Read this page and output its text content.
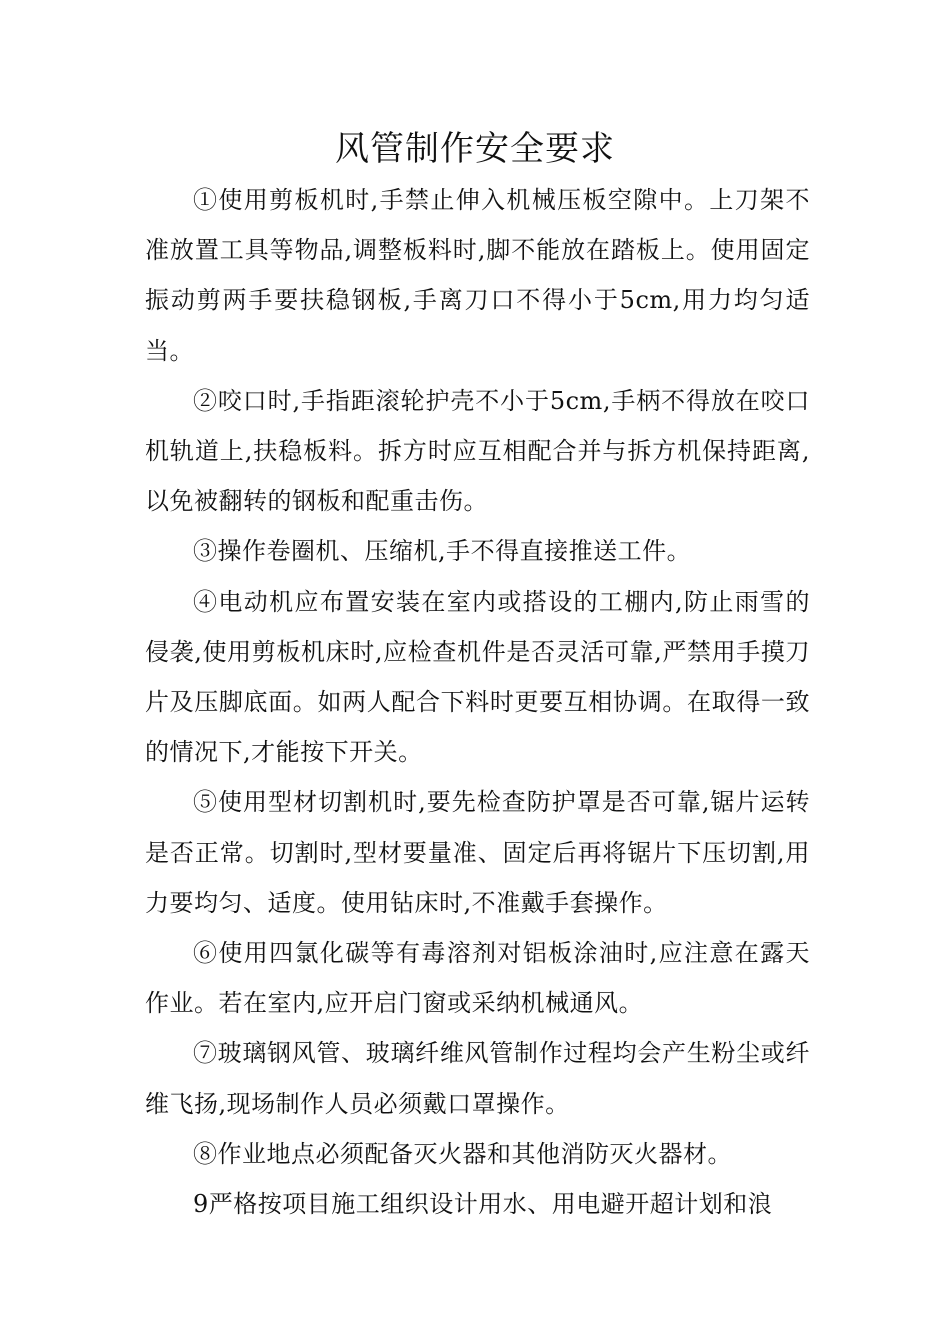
风管制作安全要求

①使用剪板机时,手禁止伸入机械压板空隙中。上刀架不准放置工具等物品,调整板料时,脚不能放在踏板上。使用固定振动剪两手要扶稳钢板,手离刀口不得小于5cm,用力均匀适当。

②咬口时,手指距滚轮护壳不小于5cm,手柄不得放在咬口机轨道上,扶稳板料。拆方时应互相配合并与拆方机保持距离,以免被翻转的钢板和配重击伤。

③操作卷圈机、压缩机,手不得直接推送工件。

④电动机应布置安装在室内或搭设的工棚内,防止雨雪的侵袭,使用剪板机床时,应检查机件是否灵活可靠,严禁用手摸刀片及压脚底面。如两人配合下料时更要互相协调。在取得一致的情况下,才能按下开关。

⑤使用型材切割机时,要先检查防护罩是否可靠,锯片运转是否正常。切割时,型材要量准、固定后再将锯片下压切割,用力要均匀、适度。使用钻床时,不准戴手套操作。

⑥使用四氯化碳等有毒溶剂对铝板涂油时,应注意在露天作业。若在室内,应开启门窗或采纳机械通风。

⑦玻璃钢风管、玻璃纤维风管制作过程均会产生粉尘或纤维飞扬,现场制作人员必须戴口罩操作。

⑧作业地点必须配备灭火器和其他消防灭火器材。

9严格按项目施工组织设计用水、用电避开超计划和浪
